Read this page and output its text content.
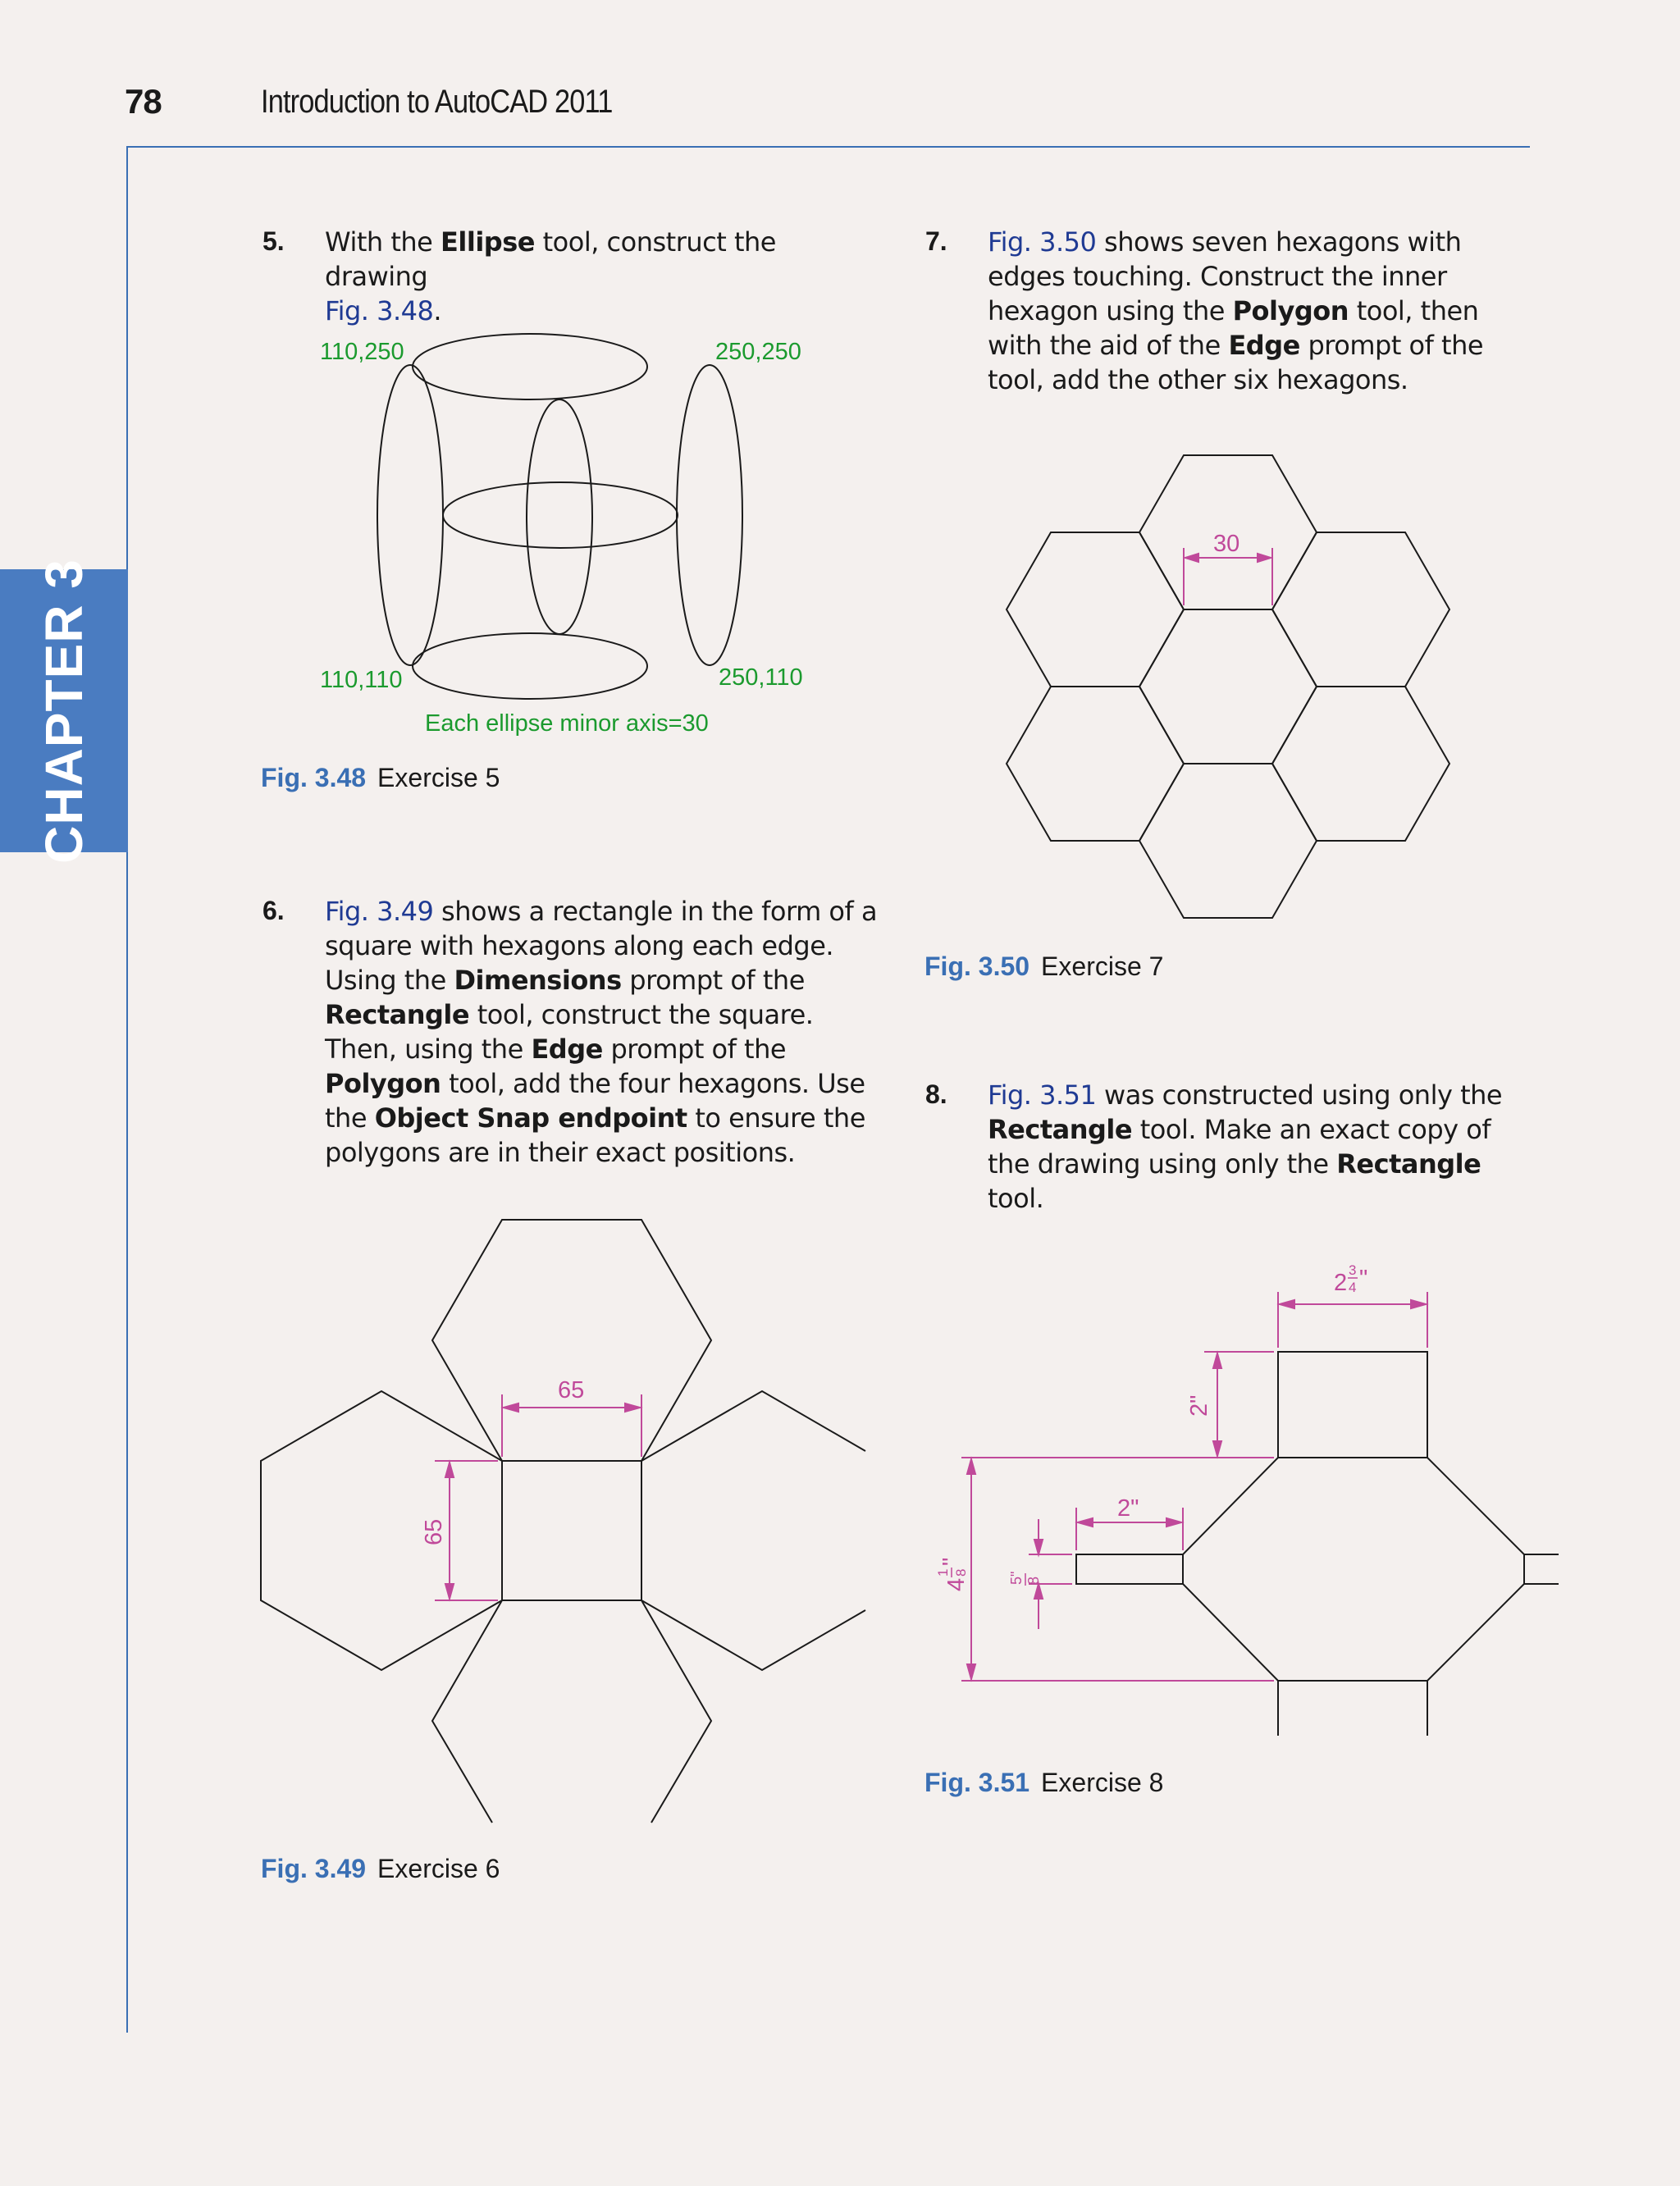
78	Introduction to AutoCAD 2011
CHAPTER 3
5. With the Ellipse tool, construct the drawing
Fig. 3.48.
110,250	250,250
110,110	250,110
Each ellipse minor axis=30
Fig. 3.48 Exercise 5
6. Fig. 3.49 shows a rectangle in the form of a square with hexagons along each edge. Using the Dimensions prompt of the Rectangle tool, construct the square. Then, using the Edge prompt of the Polygon tool, add the four hexagons. Use the Object Snap endpoint to ensure the polygons are in their exact positions.
65
65
Fig. 3.49 Exercise 6
7. Fig. 3.50 shows seven hexagons with edges touching. Construct the inner hexagon using the Polygon tool, then with the aid of the Edge prompt of the tool, add the other six hexagons.
30
Fig. 3.50 Exercise 7
8. Fig. 3.51 was constructed using only the Rectangle tool. Make an exact copy of the drawing using only the Rectangle tool.
2 3
4 "
2"
2"
4
1 8
"
5
"
8
Fig. 3.51 Exercise 8
